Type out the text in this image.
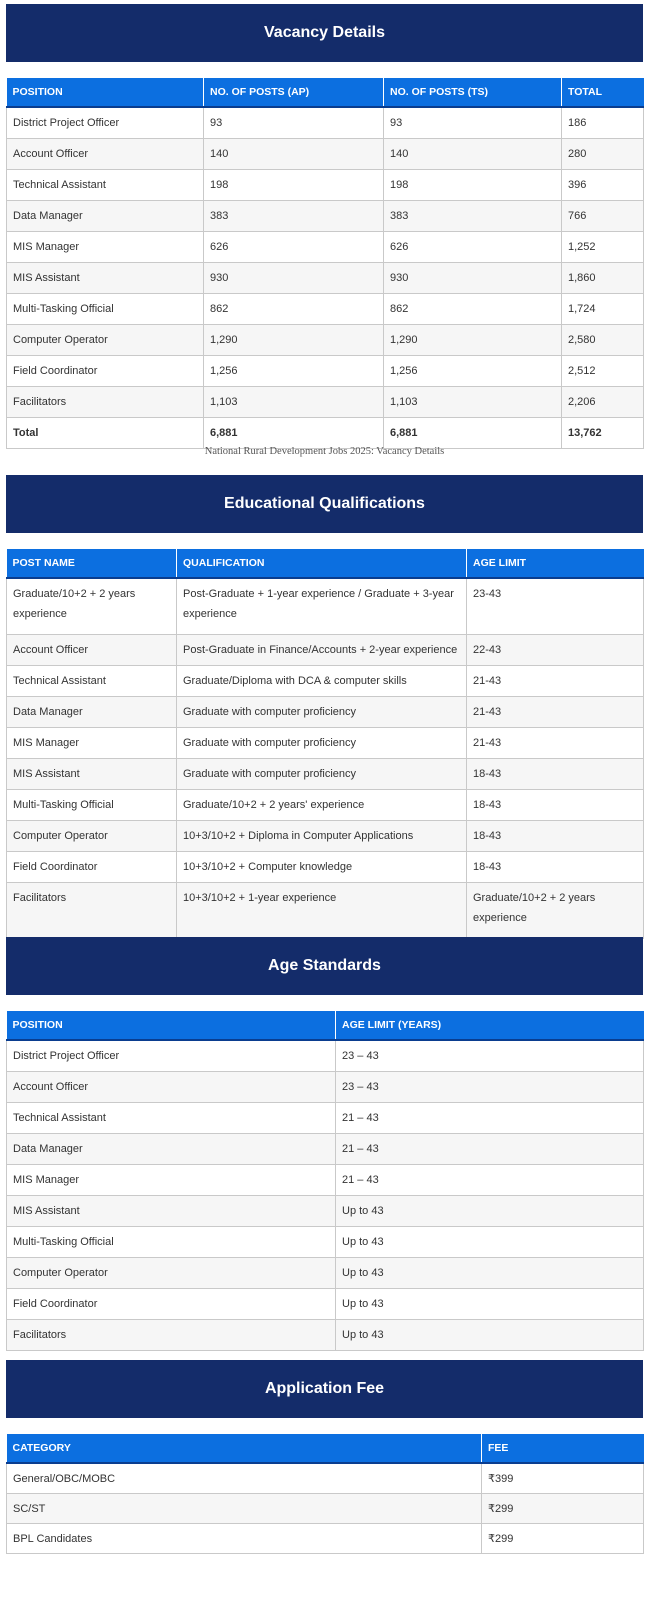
Vacancy Details
POSITION	NO. OF POSTS (AP)	NO. OF POSTS (TS)	TOTAL
District Project Officer	93	93	186
Account Officer	140	140	280
Technical Assistant	198	198	396
Data Manager	383	383	766
MIS Manager	626	626	1,252
MIS Assistant	930	930	1,860
Multi-Tasking Official	862	862	1,724
Computer Operator	1,290	1,290	2,580
Field Coordinator	1,256	1,256	2,512
Facilitators	1,103	1,103	2,206
Total	6,881	6,881	13,762
National Rural Development Jobs 2025: Vacancy Details
Educational Qualifications
POST NAME	QUALIFICATION	AGE LIMIT
Graduate/10+2 + 2 years experience	Post-Graduate + 1-year experience / Graduate + 3-year experience	23-43
Account Officer	Post-Graduate in Finance/Accounts + 2-year experience	22-43
Technical Assistant	Graduate/Diploma with DCA & computer skills	21-43
Data Manager	Graduate with computer proficiency	21-43
MIS Manager	Graduate with computer proficiency	21-43
MIS Assistant	Graduate with computer proficiency	18-43
Multi-Tasking Official	Graduate/10+2 + 2 years' experience	18-43
Computer Operator	10+3/10+2 + Diploma in Computer Applications	18-43
Field Coordinator	10+3/10+2 + Computer knowledge	18-43
Facilitators	10+3/10+2 + 1-year experience	Graduate/10+2 + 2 years experience
Age Standards
POSITION	AGE LIMIT (YEARS)
District Project Officer	23 – 43
Account Officer	23 – 43
Technical Assistant	21 – 43
Data Manager	21 – 43
MIS Manager	21 – 43
MIS Assistant	Up to 43
Multi-Tasking Official	Up to 43
Computer Operator	Up to 43
Field Coordinator	Up to 43
Facilitators	Up to 43
Application Fee
CATEGORY	FEE
General/OBC/MOBC	₹399
SC/ST	₹299
BPL Candidates	₹299
